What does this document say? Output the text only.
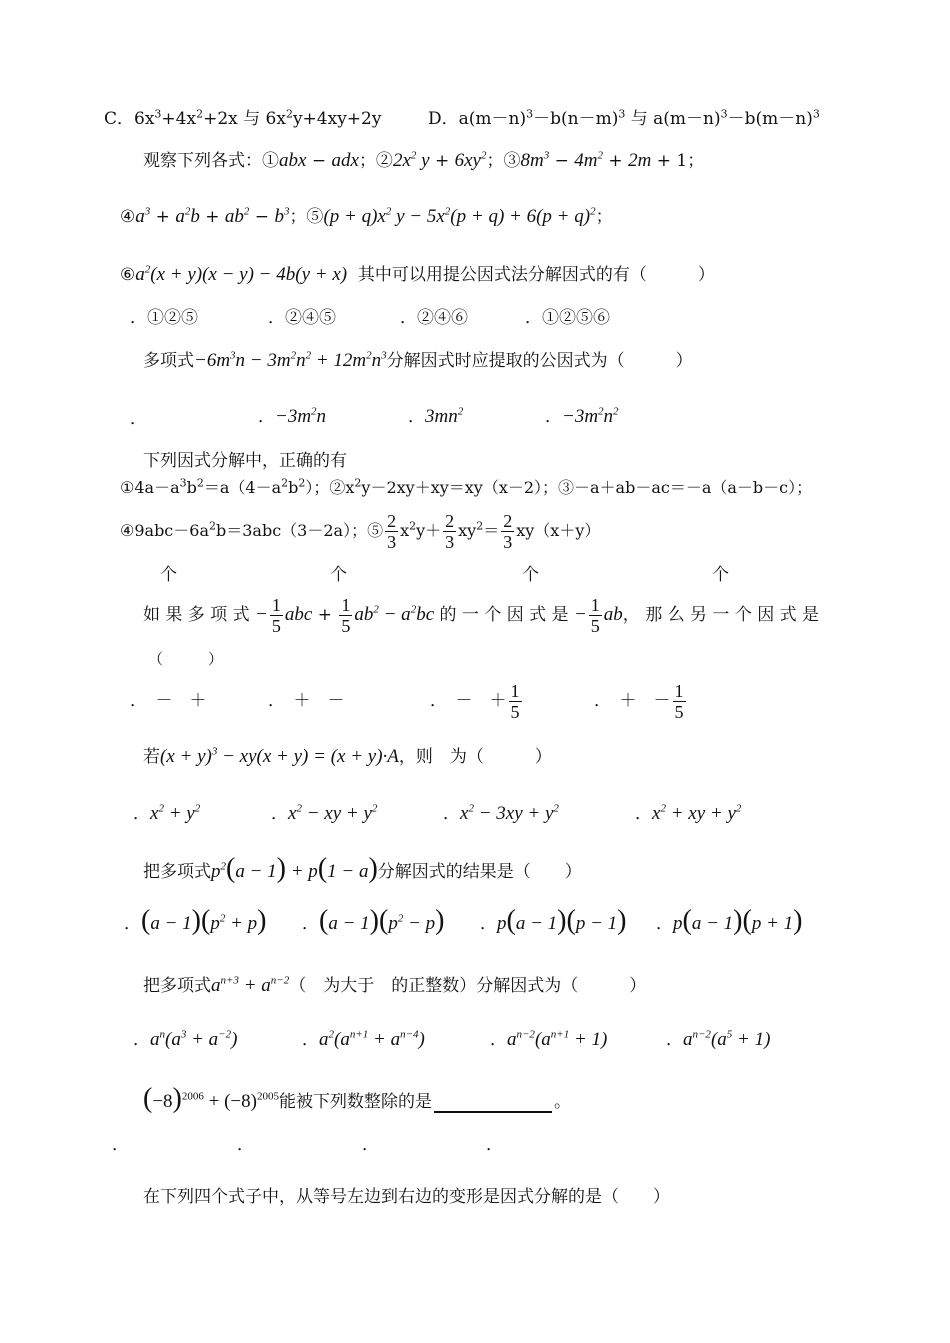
C．$6x^3+4x^2+2x$ 与 $6x^2y+4xy+2y$	D．$a(m-n)^3-b(n-m)^3$ 与 $a(m-n)^3-b(m-n)^3$
观察下列各式：①abx − adx；$②2x^2$ $y + 6xy^2$；$③8m^3 - 4m^2 + 2m + 1$；
$④a^3 + a^2b + ab^2 - b^3$；⑤(p + $q)x^2$ $y - 5x^2(p + q) + 6(p + q)^2$；
$⑥a^2(x + y)(x - y) - 4b(y + x)$ 其中可以用提公因式法分解因式的有（　　　）
．①②⑤	．②④⑤	．②④⑥	．①②⑤⑥
多项式$-6m^3n - 3m^2n^2 + 12m^2n^3$分解因式时应提取的公因式为（　　　）
．	．$-3m^2n$	．$3mn^2$	．$-3m^2n^2$
下列因式分解中，正确的有
$①4a-a^3b^2=a(4-a^2b^2)$；$②x^2y-2xy+xy=xy(x-2)$；③－a＋ab－ac＝－a（a－b－c）；
$④9abc-6a^2b=3abc(3-2a)$；⑤ $\frac{2}{3} x^2y+ \frac{2}{3} xy^2= \frac{2}{3} xy(x+y)$
个	个	个	个
如 果 多 项 式 − $\frac{1}{5}$ abc + $\frac{1}{5} ab^2 - a^2bc$ 的 一 个 因 式 是 − $\frac{1}{5}$ ab， 那 么 另 一 个 因 式 是
（　　　）
．　－　＋	．　＋　－	．　－　＋ $\frac{1}{5}$	．　＋　－ $\frac{1}{5}$
若$(x + y)^3 - xy(x + y) = (x + y)\cdot A$，则　为（　　　）
．$x^2 + y^2$	．$x^2$ − xy + $y^2$	．$x^2 - 3xy + y^2$	．$x^2$ + xy + $y^2$
把多项式$p^2(a - 1) + p(1 - a)$分解因式的结果是（　　）
．$(a - 1)(p^2 + p)$ ．$(a - 1)(p^2 - p)$ ．p(a − 1)(p − 1) ．p(a − 1)(p + 1)
把多项式$a^{n+3} + a^{n-2}$（　为大于　的正整数）分解因式为（　　　）
．$a^n(a^3 + a^{-2})$	．$a^2(a^{n+1} + a^{n-4})$	．$a^{n-2}(a^{n+1} + 1)$	．$a^{n-2}(a^5 + 1)$
$(-8)^{2006} + (-8)^{2005}$能被下列数整除的是	。
．	．	．	．
在下列四个式子中，从等号左边到右边的变形是因式分解的是（　　）
